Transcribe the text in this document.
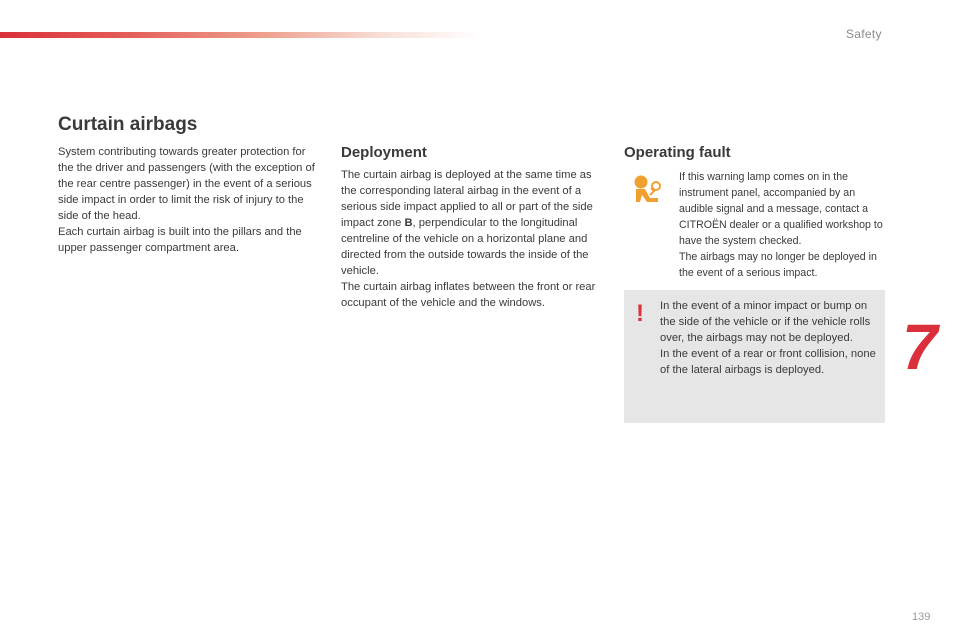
Safety
Curtain airbags

System contributing towards greater protection for the the driver and passengers (with the exception of the rear centre passenger) in the event of a serious side impact in order to limit the risk of injury to the side of the head.

Each curtain airbag is built into the pillars and the upper passenger compartment area.

Deployment

The curtain airbag is deployed at the same time as the corresponding lateral airbag in the event of a serious side impact applied to all or part of the side impact zone B, perpendicular to the longitudinal centreline of the vehicle on a horizontal plane and directed from the outside towards the inside of the vehicle.

The curtain airbag inflates between the front or rear occupant of the vehicle and the windows.

Operating fault

If this warning lamp comes on in the instrument panel, accompanied by an audible signal and a message, contact a CITROËN dealer or a qualified workshop to have the system checked.

The airbags may no longer be deployed in the event of a serious impact.

! In the event of a minor impact or bump on the side of the vehicle or if the vehicle rolls over, the airbags may not be deployed.

In the event of a rear or front collision, none of the lateral airbags is deployed.	7
139
